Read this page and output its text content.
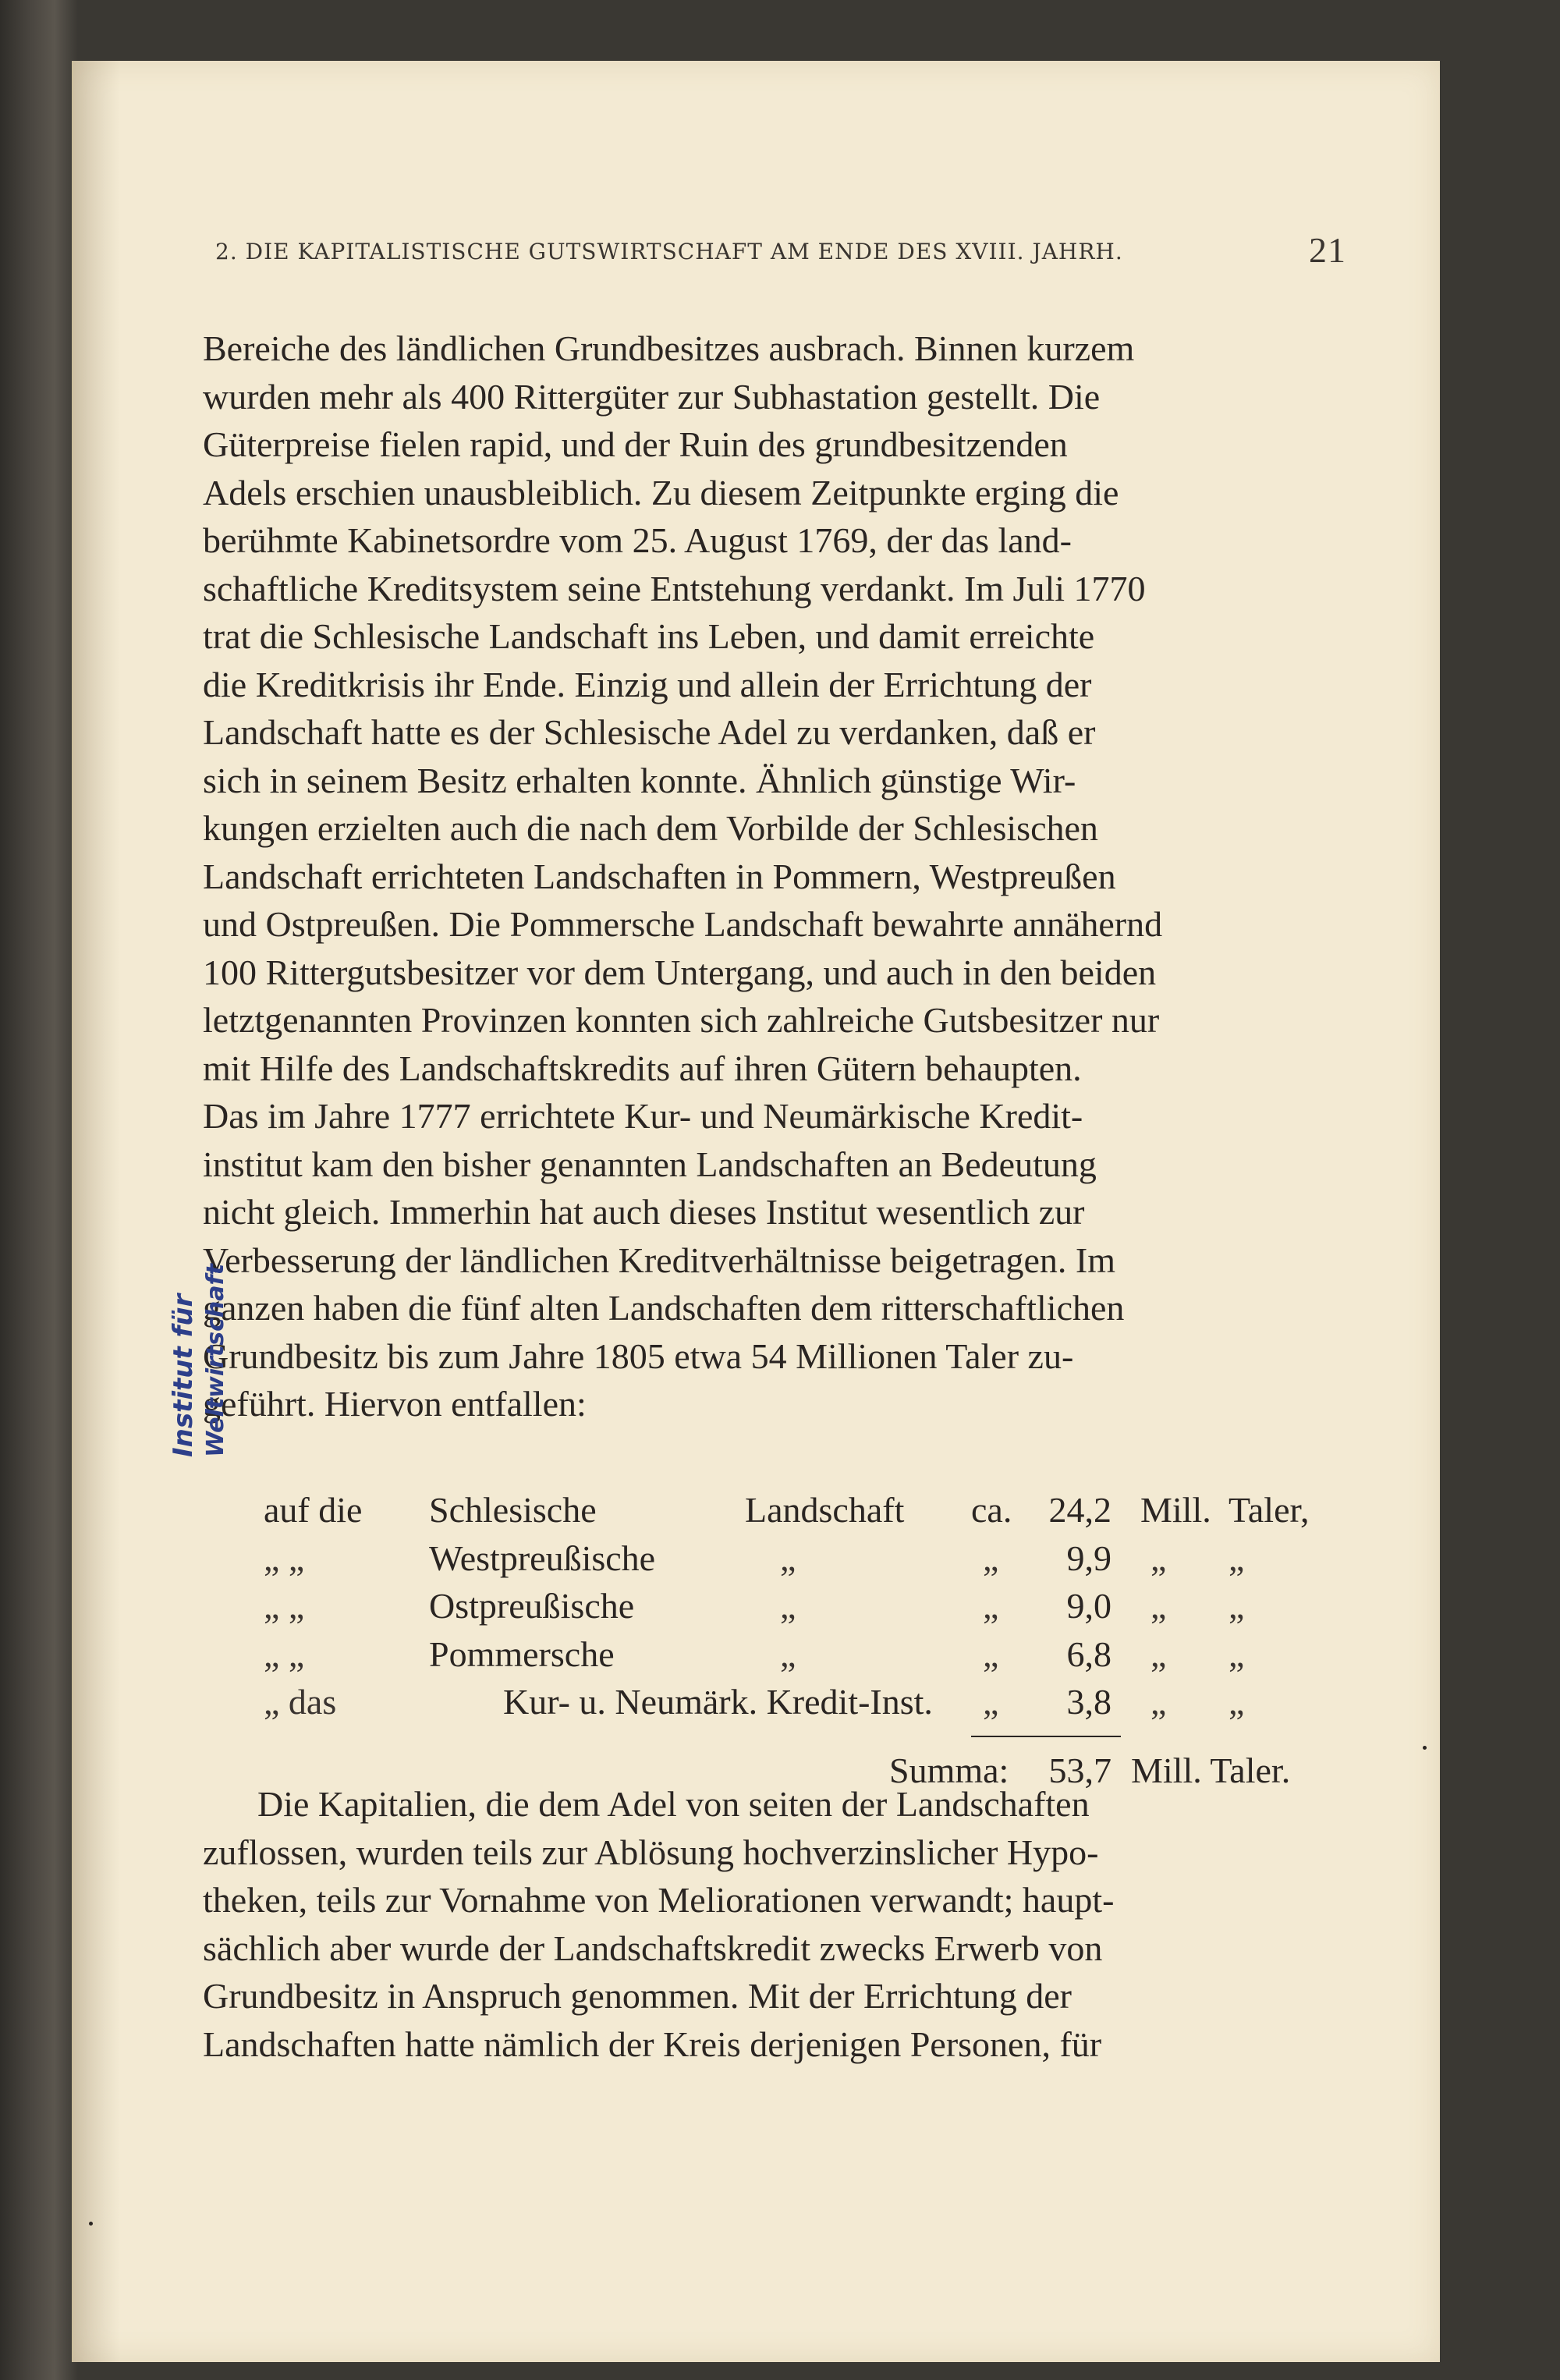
2. DIE KAPITALISTISCHE GUTSWIRTSCHAFT AM ENDE DES XVIII. JAHRH.	21
Bereiche des ländlichen Grundbesitzes ausbrach. Binnen kurzem
wurden mehr als 400 Rittergüter zur Subhastation gestellt. Die
Güterpreise fielen rapid, und der Ruin des grundbesitzenden
Adels erschien unausbleiblich. Zu diesem Zeitpunkte erging die
berühmte Kabinetsordre vom 25. August 1769, der das land-
schaftliche Kreditsystem seine Entstehung verdankt. Im Juli 1770
trat die Schlesische Landschaft ins Leben, und damit erreichte
die Kreditkrisis ihr Ende. Einzig und allein der Errichtung der
Landschaft hatte es der Schlesische Adel zu verdanken, daß er
sich in seinem Besitz erhalten konnte. Ähnlich günstige Wir-
kungen erzielten auch die nach dem Vorbilde der Schlesischen
Landschaft errichteten Landschaften in Pommern, Westpreußen
und Ostpreußen. Die Pommersche Landschaft bewahrte annähernd
100 Rittergutsbesitzer vor dem Untergang, und auch in den beiden
letztgenannten Provinzen konnten sich zahlreiche Gutsbesitzer nur
mit Hilfe des Landschaftskredits auf ihren Gütern behaupten.
Das im Jahre 1777 errichtete Kur- und Neumärkische Kredit-
institut kam den bisher genannten Landschaften an Bedeutung
nicht gleich. Immerhin hat auch dieses Institut wesentlich zur
Verbesserung der ländlichen Kreditverhältnisse beigetragen. Im
ganzen haben die fünf alten Landschaften dem ritterschaftlichen
Grundbesitz bis zum Jahre 1805 etwa 54 Millionen Taler zu-
geführt. Hiervon entfallen:
auf die Schlesische	Landschaft ca.	24,2 Mill. Taler,
„ „	Westpreußische	„	„	9,9 „ „
„ „	Ostpreußische	„	„	9,0 „ „
„ „	Pommersche	„	„	6,8 „ „
„ das	Kur- u. Neumärk. Kredit-Inst. „	3,8 „ „
Summa:	53,7 Mill. Taler.
Die Kapitalien, die dem Adel von seiten der Landschaften
zuflossen, wurden teils zur Ablösung hochverzinslicher Hypo-
theken, teils zur Vornahme von Meliorationen verwandt; haupt-
sächlich aber wurde der Landschaftskredit zwecks Erwerb von
Grundbesitz in Anspruch genommen. Mit der Errichtung der
Landschaften hatte nämlich der Kreis derjenigen Personen, für
Institut für Weltwirtschaft
